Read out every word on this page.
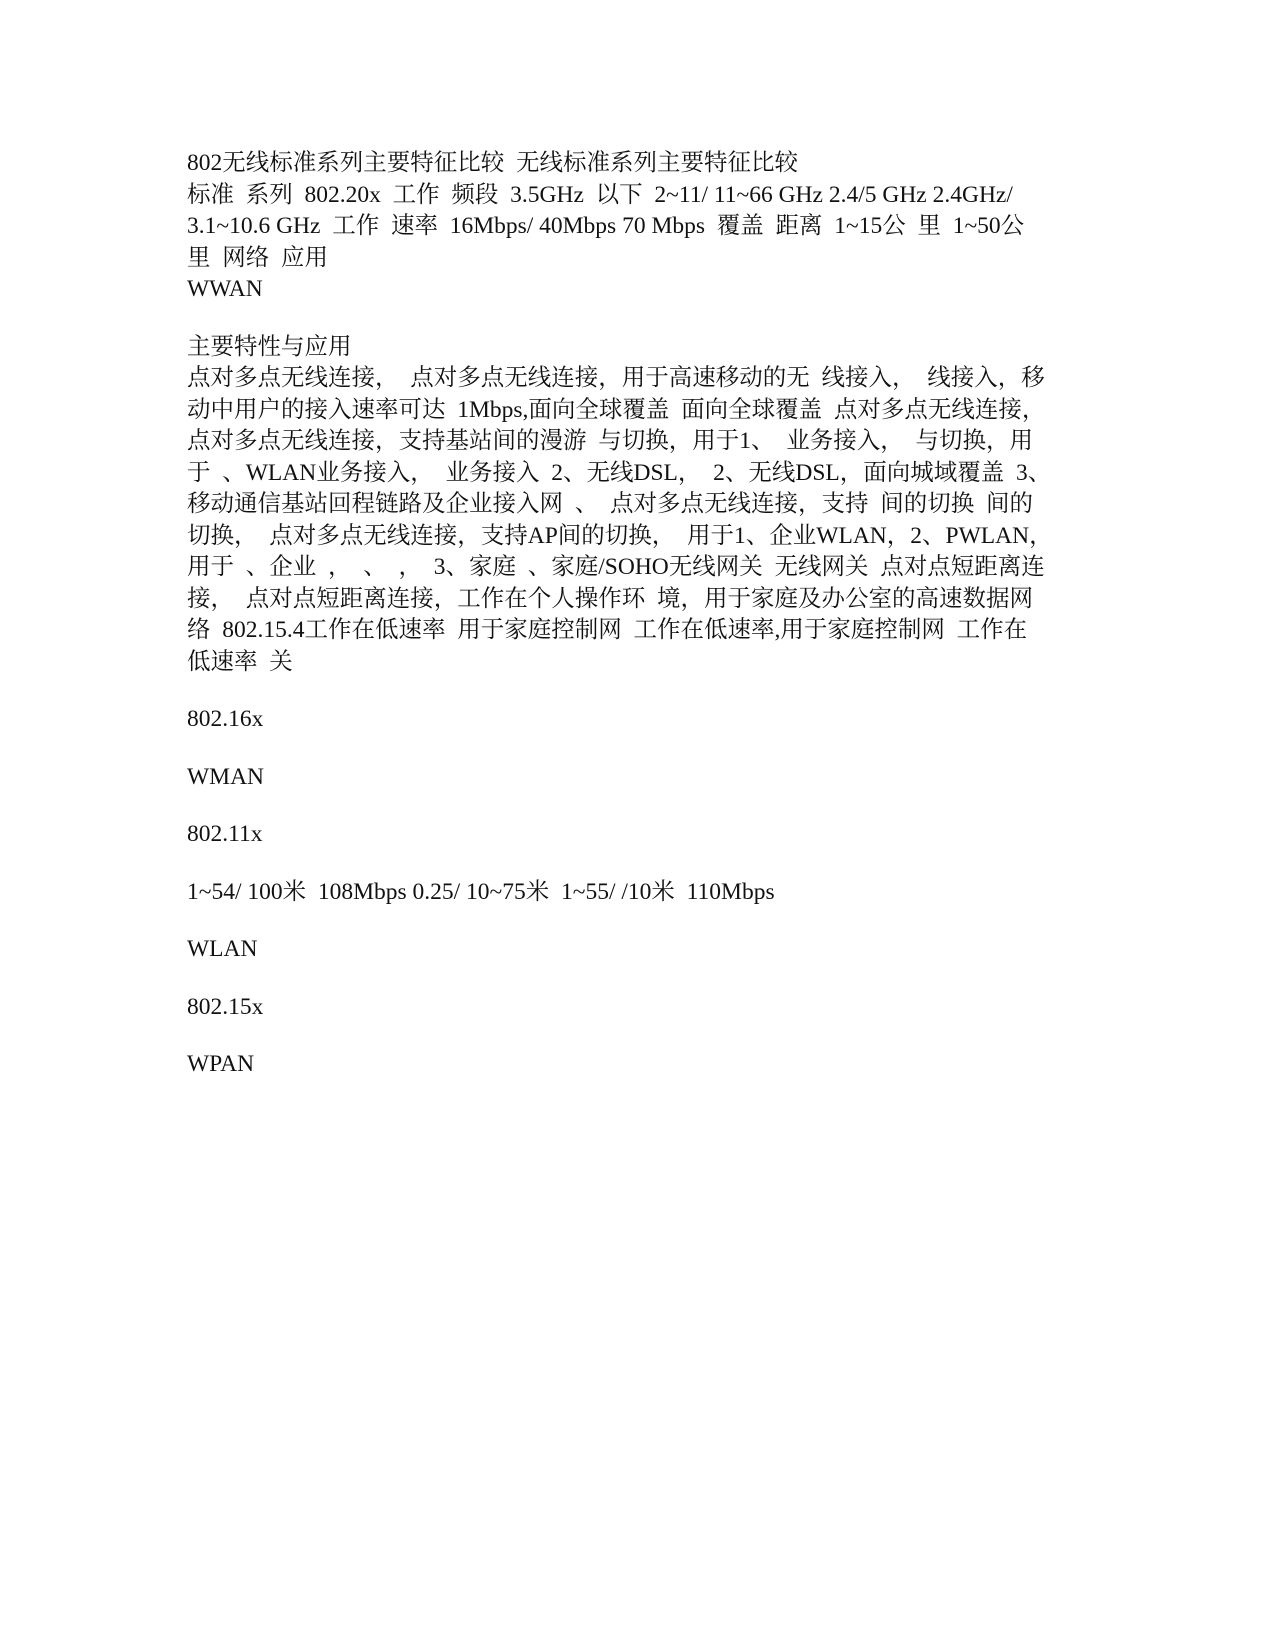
802无线标准系列主要特征比较  无线标准系列主要特征比较

标准  系列  802.20x  工作  频段  3.5GHz  以下  2~11/ 11~66 GHz 2.4/5 GHz 2.4GHz/

3.1~10.6 GHz  工作  速率  16Mbps/ 40Mbps 70 Mbps  覆盖  距离  1~15公  里  1~50公

里  网络  应用

WWAN

主要特性与应用

点对多点无线连接，  点对多点无线连接，用于高速移动的无  线接入，  线接入，移

动中用户的接入速率可达  1Mbps,面向全球覆盖  面向全球覆盖  点对多点无线连接，

点对多点无线连接，支持基站间的漫游  与切换，用于1、  业务接入，  与切换，用

于  、WLAN业务接入，  业务接入  2、无线DSL，  2、无线DSL，面向城域覆盖  3、

移动通信基站回程链路及企业接入网  、  点对多点无线连接，支持  间的切换  间的

切换，  点对多点无线连接，支持AP间的切换，  用于1、企业WLAN，2、PWLAN，

用于  、企业  ，  、  ，  3、家庭  、家庭/SOHO无线网关  无线网关  点对点短距离连

接，  点对点短距离连接，工作在个人操作环  境，用于家庭及办公室的高速数据网

络  802.15.4工作在低速率  用于家庭控制网  工作在低速率,用于家庭控制网  工作在

低速率  关

802.16x

WMAN

802.11x

1~54/ 100米  108Mbps 0.25/ 10~75米  1~55/ /10米  110Mbps

WLAN

802.15x

WPAN
